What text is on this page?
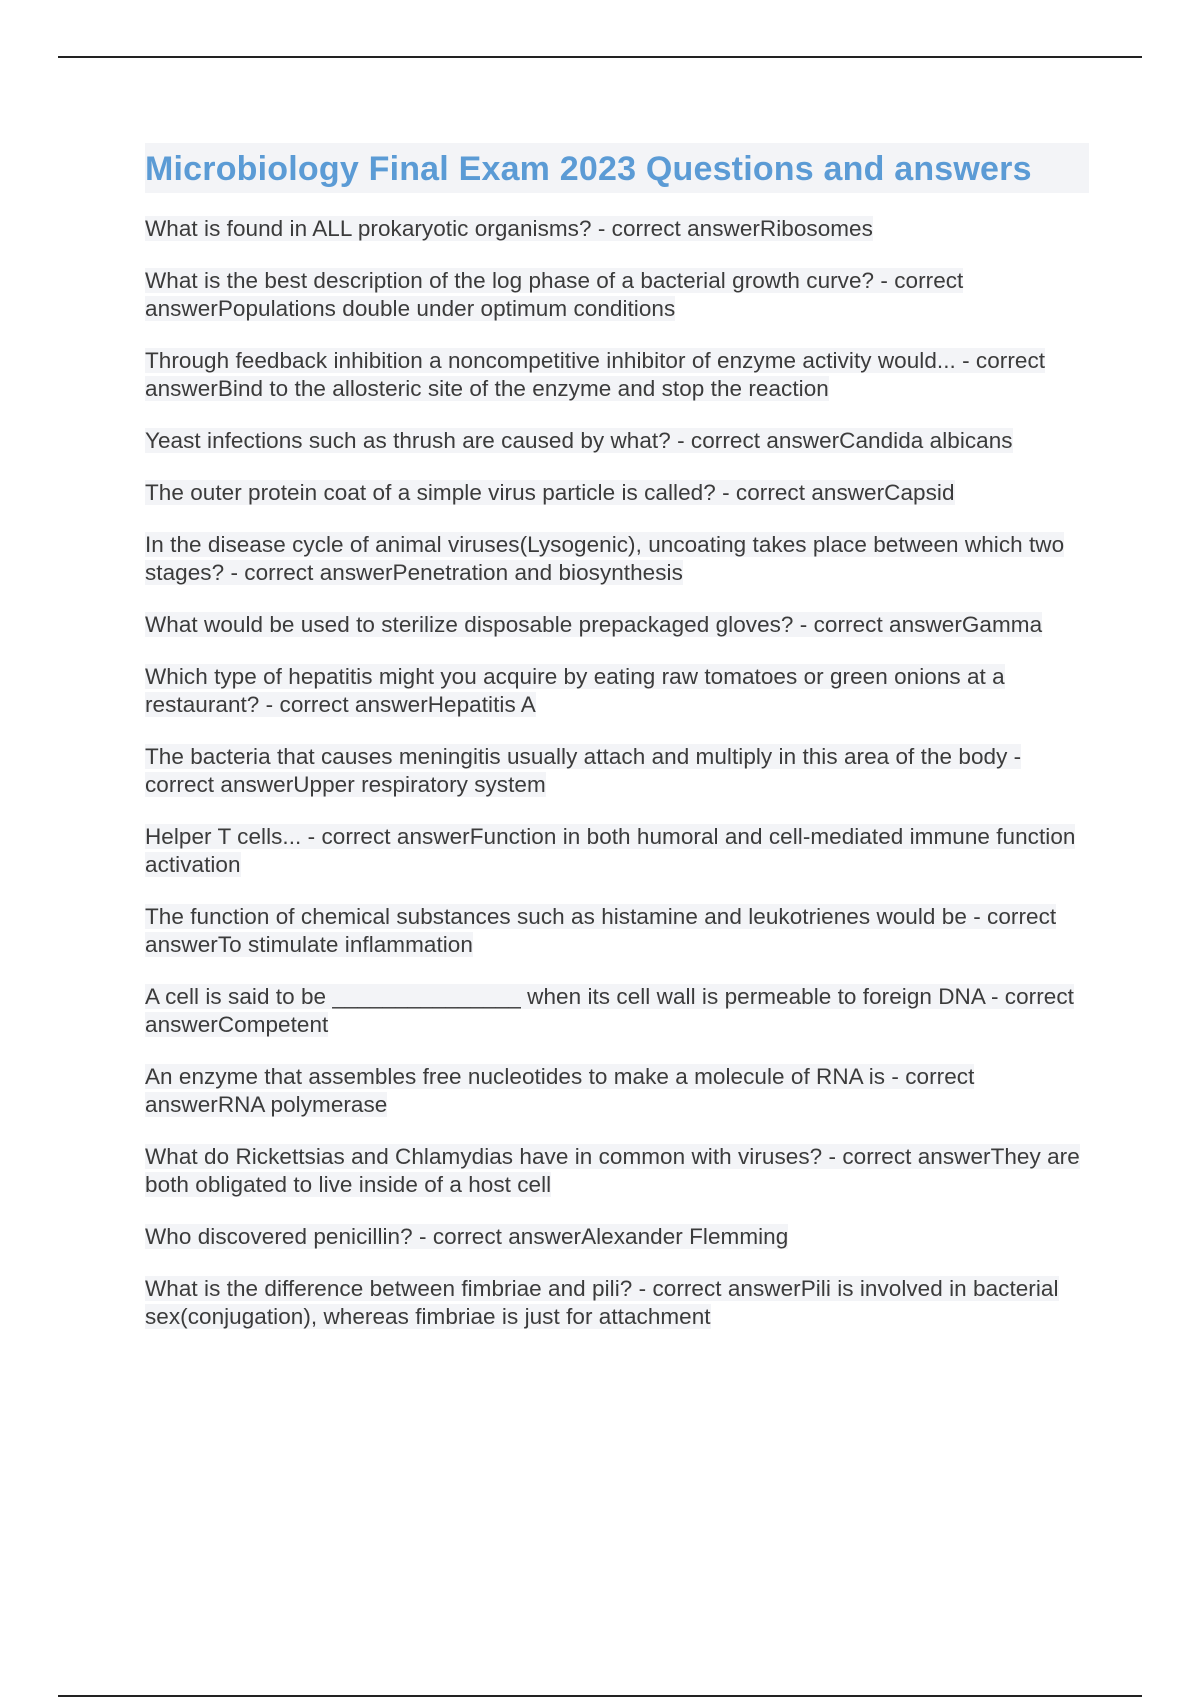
Microbiology Final Exam 2023 Questions and answers

What is found in ALL prokaryotic organisms? - correct answerRibosomes

What is the best description of the log phase of a bacterial growth curve? - correct answerPopulations double under optimum conditions

Through feedback inhibition a noncompetitive inhibitor of enzyme activity would... - correct answerBind to the allosteric site of the enzyme and stop the reaction

Yeast infections such as thrush are caused by what? - correct answerCandida albicans

The outer protein coat of a simple virus particle is called? - correct answerCapsid

In the disease cycle of animal viruses(Lysogenic), uncoating takes place between which two stages? - correct answerPenetration and biosynthesis

What would be used to sterilize disposable prepackaged gloves? - correct answerGamma

Which type of hepatitis might you acquire by eating raw tomatoes or green onions at a restaurant? - correct answerHepatitis A

The bacteria that causes meningitis usually attach and multiply in this area of the body - correct answerUpper respiratory system

Helper T cells... - correct answerFunction in both humoral and cell-mediated immune function activation

The function of chemical substances such as histamine and leukotrienes would be - correct answerTo stimulate inflammation

A cell is said to be _______________ when its cell wall is permeable to foreign DNA - correct answerCompetent

An enzyme that assembles free nucleotides to make a molecule of RNA is - correct answerRNA polymerase

What do Rickettsias and Chlamydias have in common with viruses? - correct answerThey are both obligated to live inside of a host cell

Who discovered penicillin? - correct answerAlexander Flemming

What is the difference between fimbriae and pili? - correct answerPili is involved in bacterial sex(conjugation), whereas fimbriae is just for attachment
